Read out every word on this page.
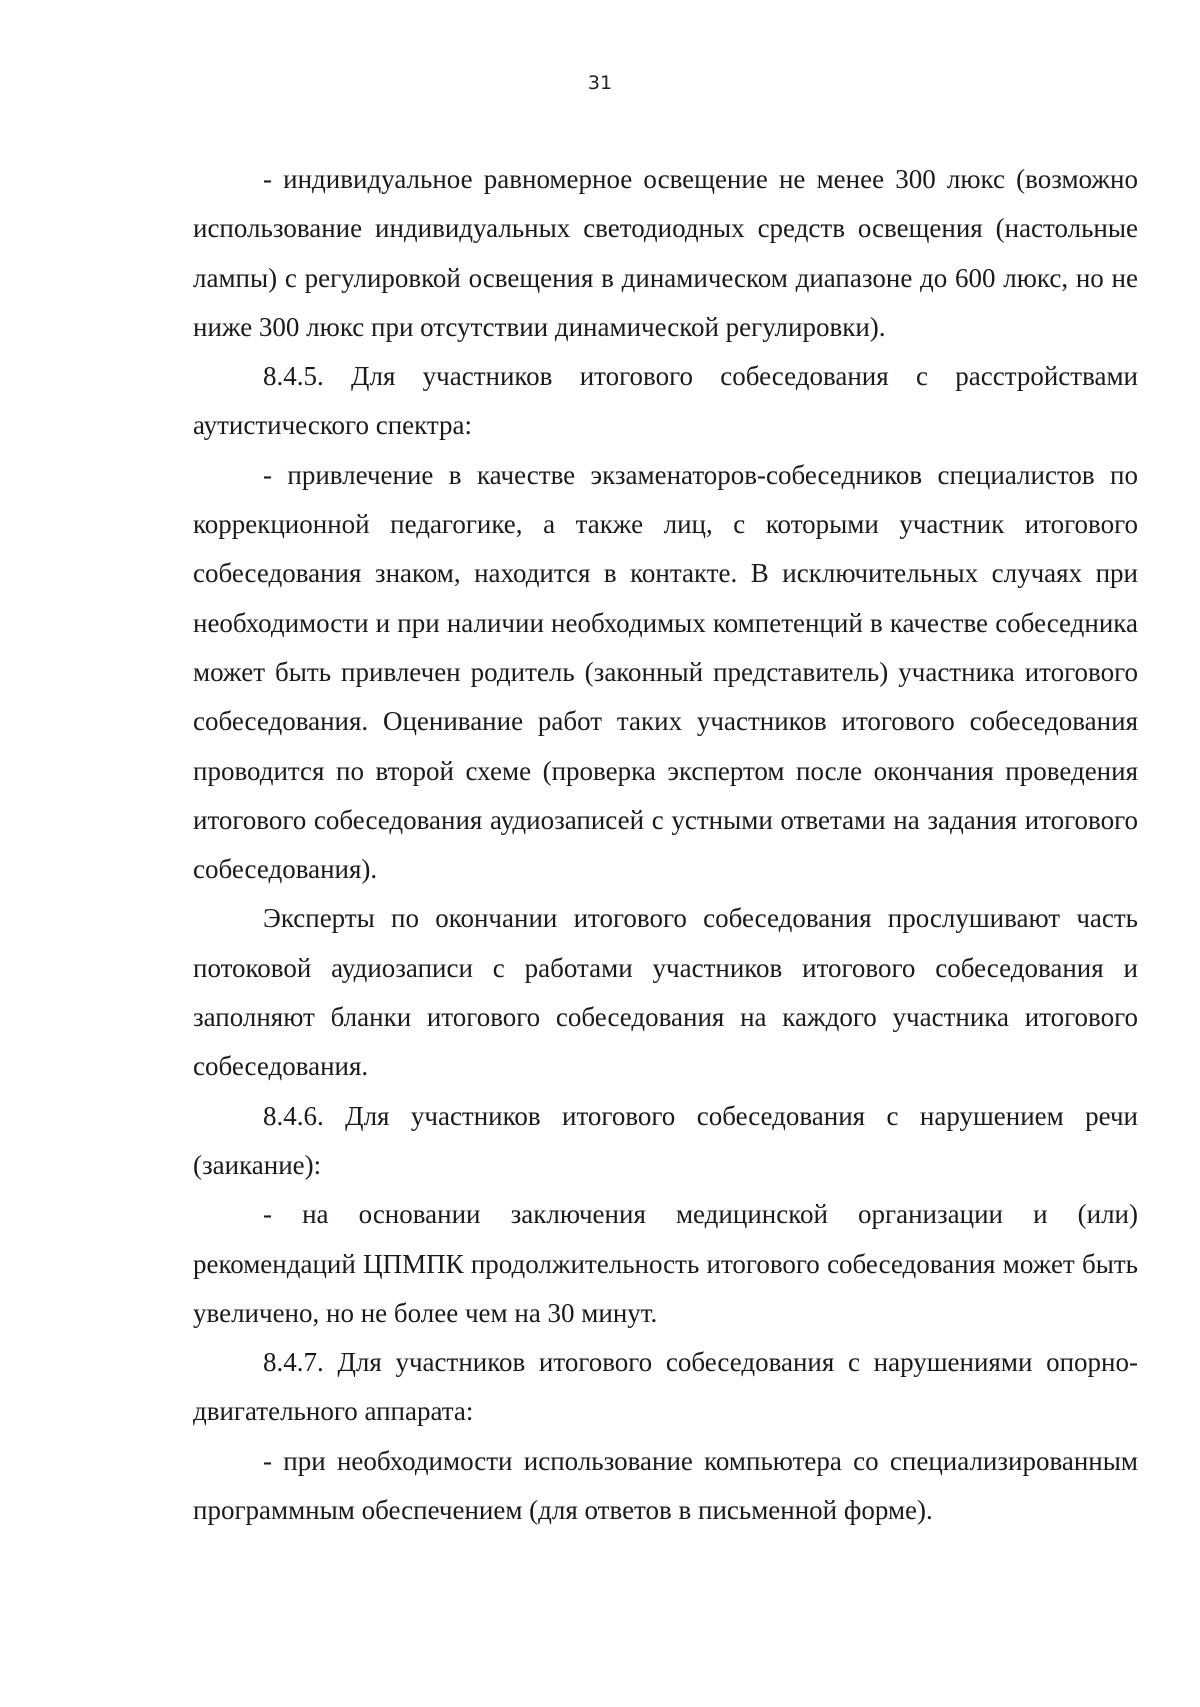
31

- индивидуальное равномерное освещение не менее 300 люкс (возможно использование индивидуальных светодиодных средств освещения (настольные лампы) с регулировкой освещения в динамическом диапазоне до 600 люкс, но не ниже 300 люкс при отсутствии динамической регулировки).

8.4.5. Для участников итогового собеседования с расстройствами аутистического спектра:

- привлечение в качестве экзаменаторов-собеседников специалистов по коррекционной педагогике, а также лиц, с которыми участник итогового собеседования знаком, находится в контакте. В исключительных случаях при необходимости и при наличии необходимых компетенций в качестве собеседника может быть привлечен родитель (законный представитель) участника итогового собеседования. Оценивание работ таких участников итогового собеседования проводится по второй схеме (проверка экспертом после окончания проведения итогового собеседования аудиозаписей с устными ответами на задания итогового собеседования).

Эксперты по окончании итогового собеседования прослушивают часть потоковой аудиозаписи с работами участников итогового собеседования и заполняют бланки итогового собеседования на каждого участника итогового собеседования.

8.4.6. Для участников итогового собеседования с нарушением речи (заикание):

- на основании заключения медицинской организации и (или) рекомендаций ЦПМПК продолжительность итогового собеседования может быть увеличено, но не более чем на 30 минут.

8.4.7. Для участников итогового собеседования с нарушениями опорно-двигательного аппарата:

- при необходимости использование компьютера со специализированным программным обеспечением (для ответов в письменной форме).
